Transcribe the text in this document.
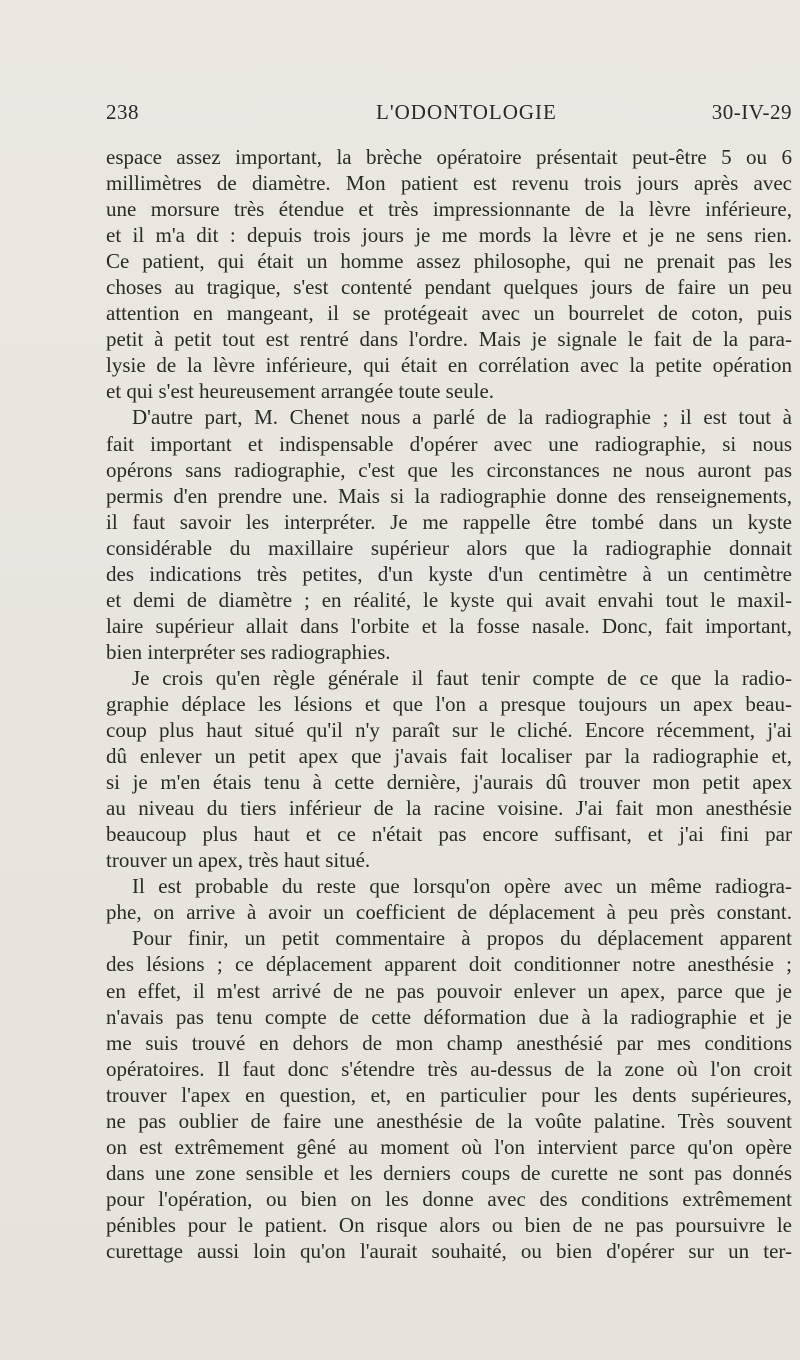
238	L'ODONTOLOGIE	30-IV-29
espace assez important, la brèche opératoire présentait peut-être 5 ou 6
millimètres de diamètre. Mon patient est revenu trois jours après avec
une morsure très étendue et très impressionnante de la lèvre inférieure,
et il m'a dit : depuis trois jours je me mords la lèvre et je ne sens rien.
Ce patient, qui était un homme assez philosophe, qui ne prenait pas les
choses au tragique, s'est contenté pendant quelques jours de faire un peu
attention en mangeant, il se protégeait avec un bourrelet de coton, puis
petit à petit tout est rentré dans l'ordre. Mais je signale le fait de la para-
lysie de la lèvre inférieure, qui était en corrélation avec la petite opération
et qui s'est heureusement arrangée toute seule.
D'autre part, M. Chenet nous a parlé de la radiographie ; il est tout à
fait important et indispensable d'opérer avec une radiographie, si nous
opérons sans radiographie, c'est que les circonstances ne nous auront pas
permis d'en prendre une. Mais si la radiographie donne des renseignements,
il faut savoir les interpréter. Je me rappelle être tombé dans un kyste
considérable du maxillaire supérieur alors que la radiographie donnait
des indications très petites, d'un kyste d'un centimètre à un centimètre
et demi de diamètre ; en réalité, le kyste qui avait envahi tout le maxil-
laire supérieur allait dans l'orbite et la fosse nasale. Donc, fait important,
bien interpréter ses radiographies.
Je crois qu'en règle générale il faut tenir compte de ce que la radio-
graphie déplace les lésions et que l'on a presque toujours un apex beau-
coup plus haut situé qu'il n'y paraît sur le cliché. Encore récemment, j'ai
dû enlever un petit apex que j'avais fait localiser par la radiographie et,
si je m'en étais tenu à cette dernière, j'aurais dû trouver mon petit apex
au niveau du tiers inférieur de la racine voisine. J'ai fait mon anesthésie
beaucoup plus haut et ce n'était pas encore suffisant, et j'ai fini par
trouver un apex, très haut situé.
Il est probable du reste que lorsqu'on opère avec un même radiogra-
phe, on arrive à avoir un coefficient de déplacement à peu près constant.
Pour finir, un petit commentaire à propos du déplacement apparent
des lésions ; ce déplacement apparent doit conditionner notre anesthésie ;
en effet, il m'est arrivé de ne pas pouvoir enlever un apex, parce que je
n'avais pas tenu compte de cette déformation due à la radiographie et je
me suis trouvé en dehors de mon champ anesthésié par mes conditions
opératoires. Il faut donc s'étendre très au-dessus de la zone où l'on croit
trouver l'apex en question, et, en particulier pour les dents supérieures,
ne pas oublier de faire une anesthésie de la voûte palatine. Très souvent
on est extrêmement gêné au moment où l'on intervient parce qu'on opère
dans une zone sensible et les derniers coups de curette ne sont pas donnés
pour l'opération, ou bien on les donne avec des conditions extrêmement
pénibles pour le patient. On risque alors ou bien de ne pas poursuivre le
curettage aussi loin qu'on l'aurait souhaité, ou bien d'opérer sur un ter-
